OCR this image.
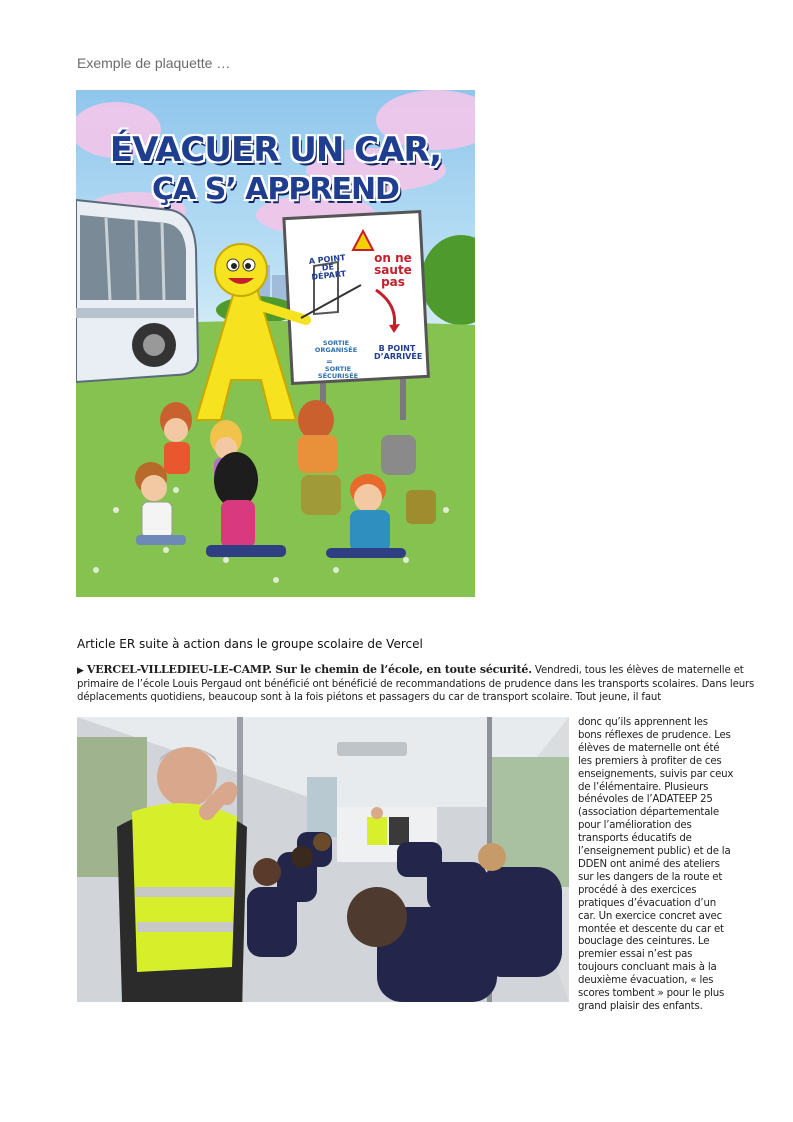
Exemple de plaquette …
ÉVACUER UN CAR,
ÇA S’ APPREND
A POINT DE DÉPART
on ne saute pas
B POINT D’ARRIVÉE
SORTIE ORGANISÉE
=
SORTIE SÉCURISÉE
Article ER suite à action dans le groupe scolaire de Vercel
▶ VERCEL-VILLEDIEU-LE-CAMP. Sur le chemin de l’école, en toute sécurité. Vendredi, tous les élèves de maternelle et primaire de l’école Louis Pergaud ont bénéficié ont bénéficié de recommandations de prudence dans les transports scolaires. Dans leurs déplacements quotidiens, beaucoup sont à la fois piétons et passagers du car de transport scolaire. Tout jeune, il faut
donc qu’ils apprennent les
bons réflexes de prudence. Les
élèves de maternelle ont été
les premiers à profiter de ces
enseignements, suivis par ceux
de l’élémentaire. Plusieurs
bénévoles de l’ADATEEP 25
(association départementale
pour l’amélioration des
transports éducatifs de
l’enseignement public) et de la
DDEN ont animé des ateliers
sur les dangers de la route et
procédé à des exercices
pratiques d’évacuation d’un
car. Un exercice concret avec
montée et descente du car et
bouclage des ceintures. Le
premier essai n’est pas
toujours concluant mais à la
deuxième évacuation, « les
scores tombent » pour le plus
grand plaisir des enfants.
